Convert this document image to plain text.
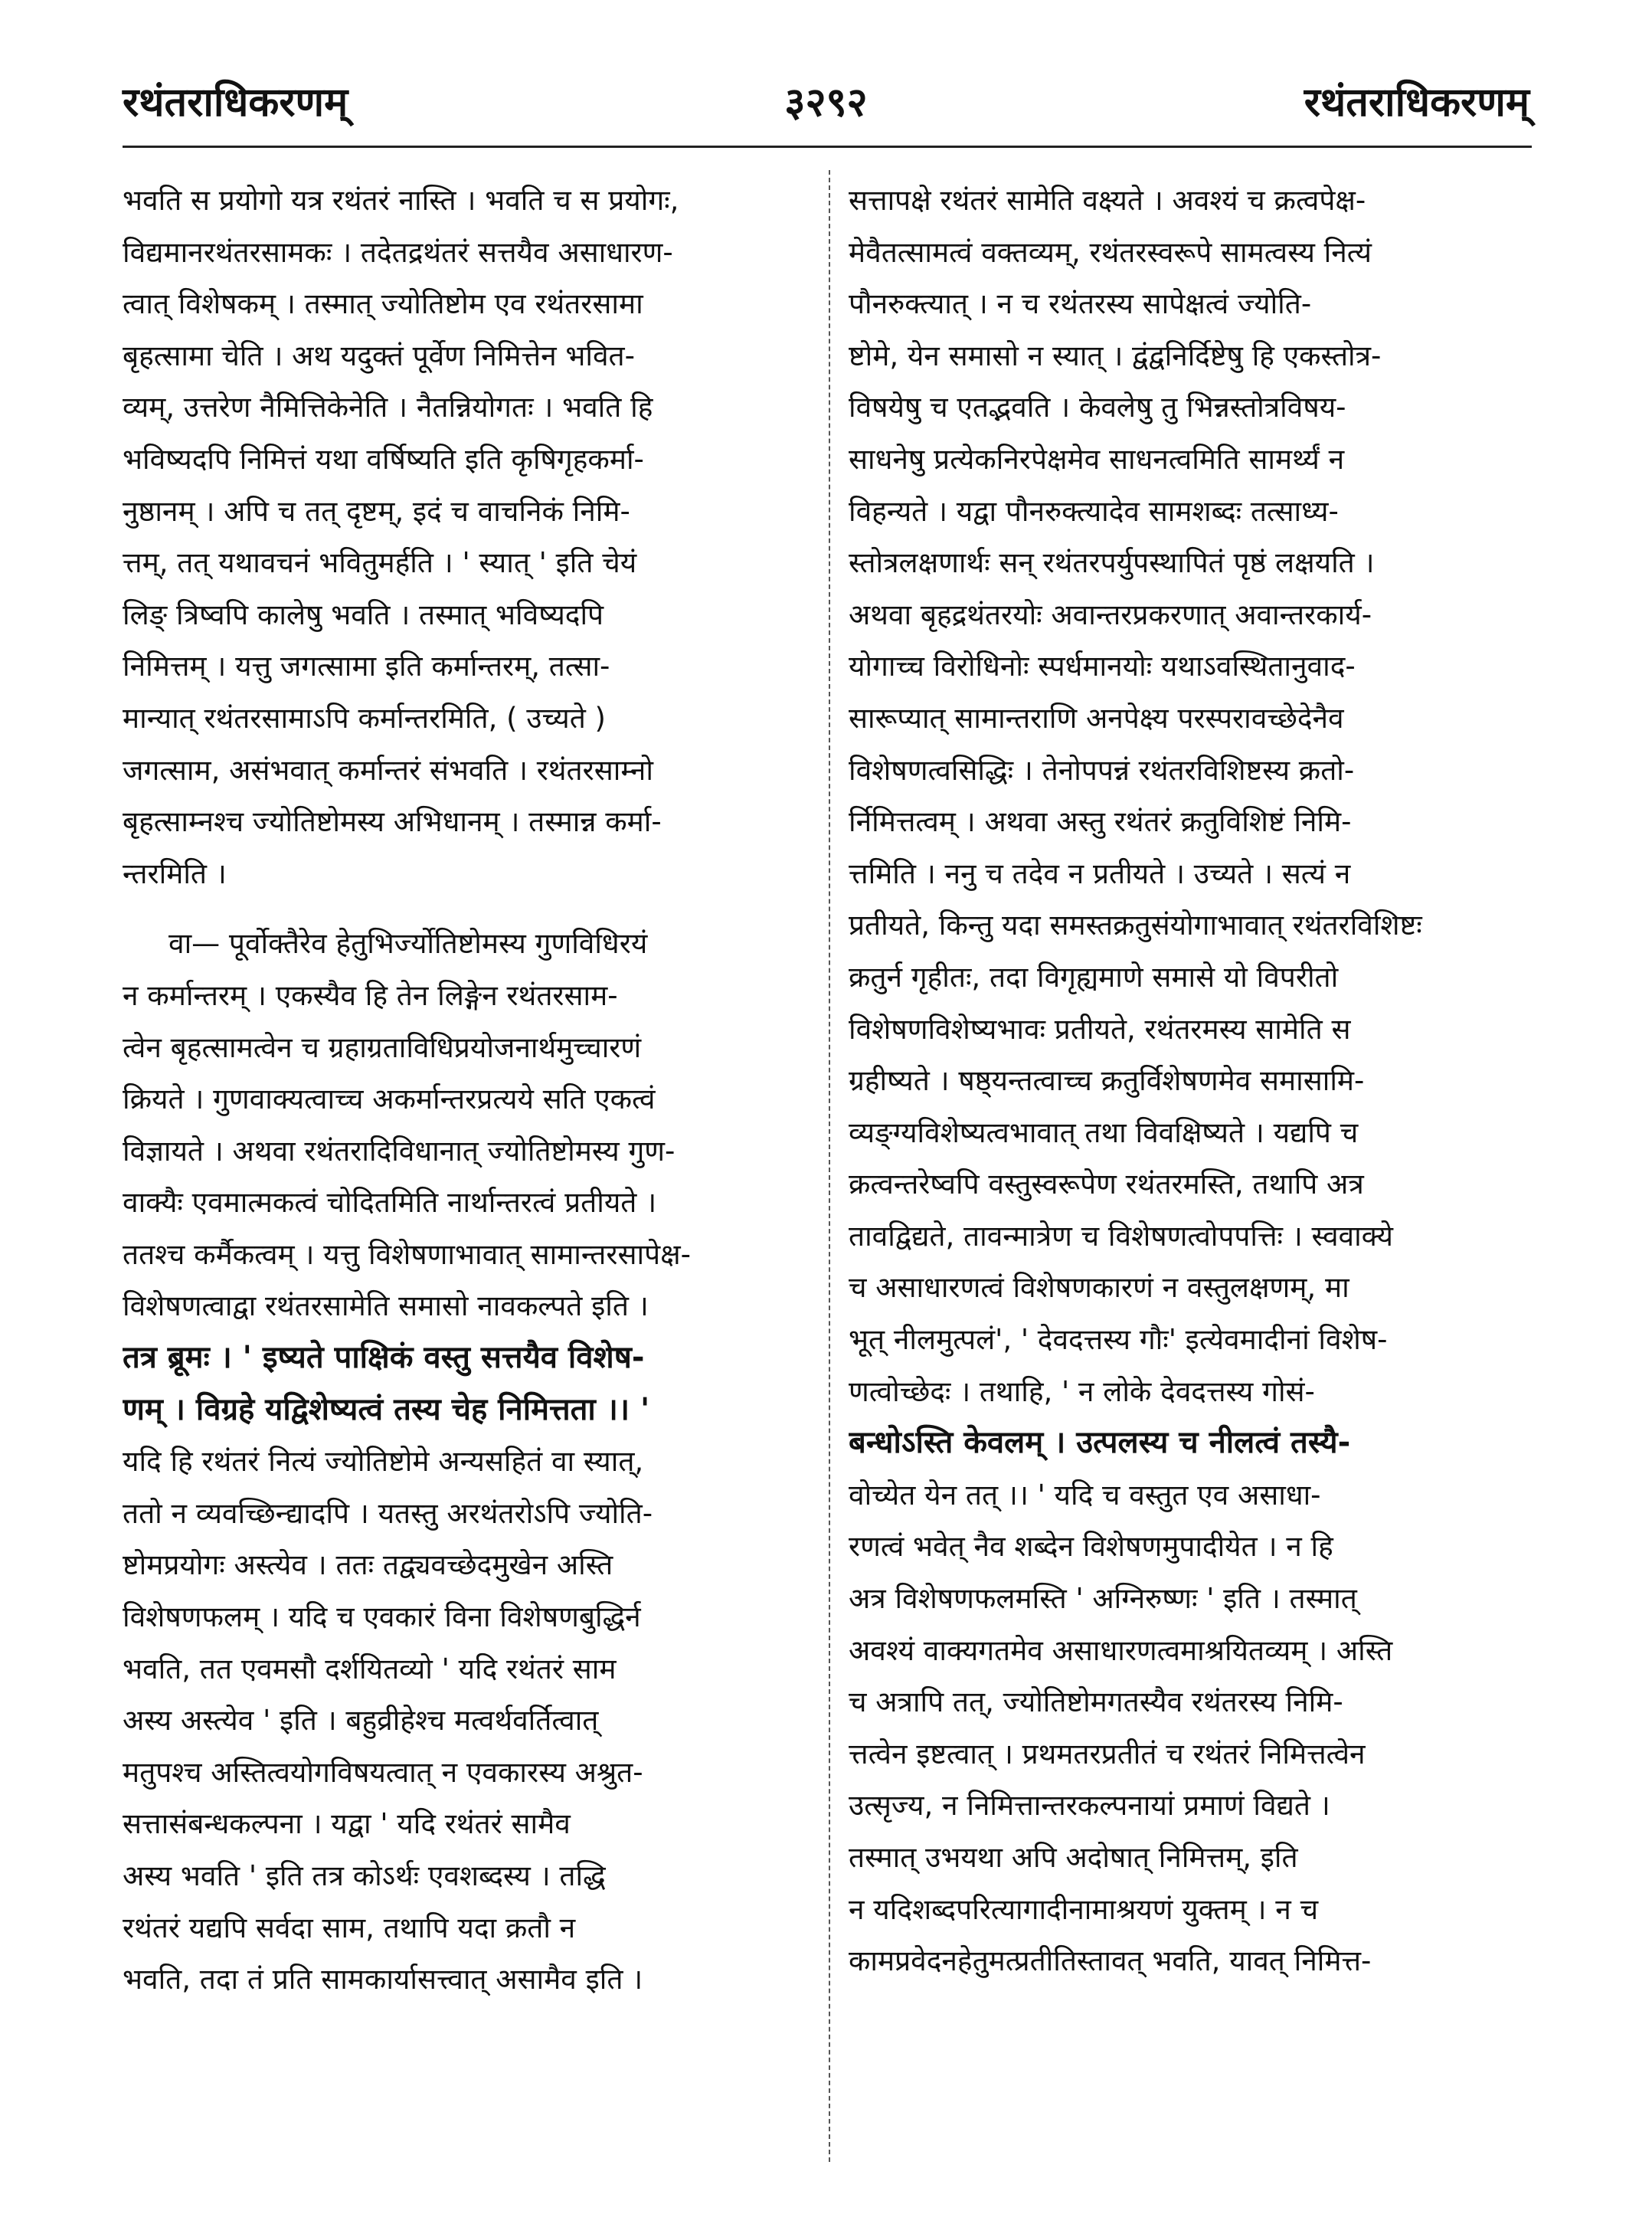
३२९२
रथंतराधिकरणम्	रथंतराधिकरणम्
भवति स प्रयोगो यत्र रथंतरं नास्ति । भवति च स प्रयोगः,
विद्यमानरथंतरसामकः । तदेतद्रथंतरं सत्तयैव असाधारण-
त्वात् विशेषकम् । तस्मात् ज्योतिष्टोम एव रथंतरसामा
बृहत्सामा चेति । अथ यदुक्तं पूर्वेण निमित्तेन भवित-
व्यम्, उत्तरेण नैमित्तिकेनेति । नैतन्नियोगतः । भवति हि
भविष्यदपि निमित्तं यथा वर्षिष्यति इति कृषिगृहकर्मा-
नुष्ठानम् । अपि च तत् दृष्टम्, इदं च वाचनिकं निमि-
त्तम्, तत् यथावचनं भवितुमर्हति । ' स्यात् ' इति चेयं
लिङ् त्रिष्वपि कालेषु भवति । तस्मात् भविष्यदपि
निमित्तम् । यत्तु जगत्सामा इति कर्मान्तरम्, तत्सा-
मान्यात् रथंतरसामाऽपि कर्मान्तरमिति, ( उच्यते )
जगत्साम, असंभवात् कर्मान्तरं संभवति । रथंतरसाम्नो
बृहत्साम्नश्च ज्योतिष्टोमस्य अभिधानम् । तस्मान्न कर्मा-
न्तरमिति ।
वा— पूर्वोक्तैरेव हेतुभिर्ज्योतिष्टोमस्य गुणविधिरयं
न कर्मान्तरम् । एकस्यैव हि तेन लिङ्गेन रथंतरसाम-
त्वेन बृहत्सामत्वेन च ग्रहाग्रताविधिप्रयोजनार्थमुच्चारणं
क्रियते । गुणवाक्यत्वाच्च अकर्मान्तरप्रत्यये सति एकत्वं
विज्ञायते । अथवा रथंतरादिविधानात् ज्योतिष्टोमस्य गुण-
वाक्यैः एवमात्मकत्वं चोदितमिति नार्थान्तरत्वं प्रतीयते ।
ततश्च कर्मैकत्वम् । यत्तु विशेषणाभावात् सामान्तरसापेक्ष-
विशेषणत्वाद्वा रथंतरसामेति समासो नावकल्पते इति ।
तत्र ब्रूमः । ' इष्यते पाक्षिकं वस्तु सत्तयैव विशेष-
णम् । विग्रहे यद्विशेष्यत्वं तस्य चेह निमित्तता ।। '
यदि हि रथंतरं नित्यं ज्योतिष्टोमे अन्यसहितं वा स्यात्,
ततो न व्यवच्छिन्द्यादपि । यतस्तु अरथंतरोऽपि ज्योति-
ष्टोमप्रयोगः अस्त्येव । ततः तद्व्यवच्छेदमुखेन अस्ति
विशेषणफलम् । यदि च एवकारं विना विशेषणबुद्धिर्न
भवति, तत एवमसौ दर्शयितव्यो ' यदि रथंतरं साम
अस्य अस्त्येव ' इति । बहुव्रीहेश्च मत्वर्थवर्तित्वात्
मतुपश्च अस्तित्वयोगविषयत्वात् न एवकारस्य अश्रुत-
सत्तासंबन्धकल्पना । यद्वा ' यदि रथंतरं सामैव
अस्य भवति ' इति तत्र कोऽर्थः एवशब्दस्य । तद्धि
रथंतरं यद्यपि सर्वदा साम, तथापि यदा क्रतौ न
भवति, तदा तं प्रति सामकार्यासत्त्वात् असामैव इति ।
सत्तापक्षे रथंतरं सामेति वक्ष्यते । अवश्यं च क्रत्वपेक्ष-
मेवैतत्सामत्वं वक्तव्यम्, रथंतरस्वरूपे सामत्वस्य नित्यं
पौनरुक्त्यात् । न च रथंतरस्य सापेक्षत्वं ज्योति-
ष्टोमे, येन समासो न स्यात् । द्वंद्वनिर्दिष्टेषु हि एकस्तोत्र-
विषयेषु च एतद्भवति । केवलेषु तु भिन्नस्तोत्रविषय-
साधनेषु प्रत्येकनिरपेक्षमेव साधनत्वमिति सामर्थ्यं न
विहन्यते । यद्वा पौनरुक्त्यादेव सामशब्दः तत्साध्य-
स्तोत्रलक्षणार्थः सन् रथंतरपर्युपस्थापितं पृष्ठं लक्षयति ।
अथवा बृहद्रथंतरयोः अवान्तरप्रकरणात् अवान्तरकार्य-
योगाच्च विरोधिनोः स्पर्धमानयोः यथाऽवस्थितानुवाद-
सारूप्यात् सामान्तराणि अनपेक्ष्य परस्परावच्छेदेनैव
विशेषणत्वसिद्धिः । तेनोपपन्नं रथंतरविशिष्टस्य क्रतो-
र्निमित्तत्वम् । अथवा अस्तु रथंतरं क्रतुविशिष्टं निमि-
त्तमिति । ननु च तदेव न प्रतीयते । उच्यते । सत्यं न
प्रतीयते, किन्तु यदा समस्तक्रतुसंयोगाभावात् रथंतरविशिष्टः
क्रतुर्न गृहीतः, तदा विगृह्यमाणे समासे यो विपरीतो
विशेषणविशेष्यभावः प्रतीयते, रथंतरमस्य सामेति स
ग्रहीष्यते । षष्ठ्यन्तत्वाच्च क्रतुर्विशेषणमेव समासामि-
व्यङ्ग्यविशेष्यत्वभावात् तथा विवक्षिष्यते । यद्यपि च
क्रत्वन्तरेष्वपि वस्तुस्वरूपेण रथंतरमस्ति, तथापि अत्र
तावद्विद्यते, तावन्मात्रेण च विशेषणत्वोपपत्तिः । स्ववाक्ये
च असाधारणत्वं विशेषणकारणं न वस्तुलक्षणम्, मा
भूत् नीलमुत्पलं', ' देवदत्तस्य गौः' इत्येवमादीनां विशेष-
णत्वोच्छेदः । तथाहि, ' न लोके देवदत्तस्य गोसं-
बन्धोऽस्ति केवलम् । उत्पलस्य च नीलत्वं तस्यै-
वोच्येत येन तत् ।। ' यदि च वस्तुत एव असाधा-
रणत्वं भवेत् नैव शब्देन विशेषणमुपादीयेत । न हि
अत्र विशेषणफलमस्ति ' अग्निरुष्णः ' इति । तस्मात्
अवश्यं वाक्यगतमेव असाधारणत्वमाश्रयितव्यम् । अस्ति
च अत्रापि तत्, ज्योतिष्टोमगतस्यैव रथंतरस्य निमि-
त्तत्वेन इष्टत्वात् । प्रथमतरप्रतीतं च रथंतरं निमित्तत्वेन
उत्सृज्य, न निमित्तान्तरकल्पनायां प्रमाणं विद्यते ।
तस्मात् उभयथा अपि अदोषात् निमित्तम्, इति
न यदिशब्दपरित्यागादीनामाश्रयणं युक्तम् । न च
कामप्रवेदनहेतुमत्प्रतीतिस्तावत् भवति, यावत् निमित्त-
